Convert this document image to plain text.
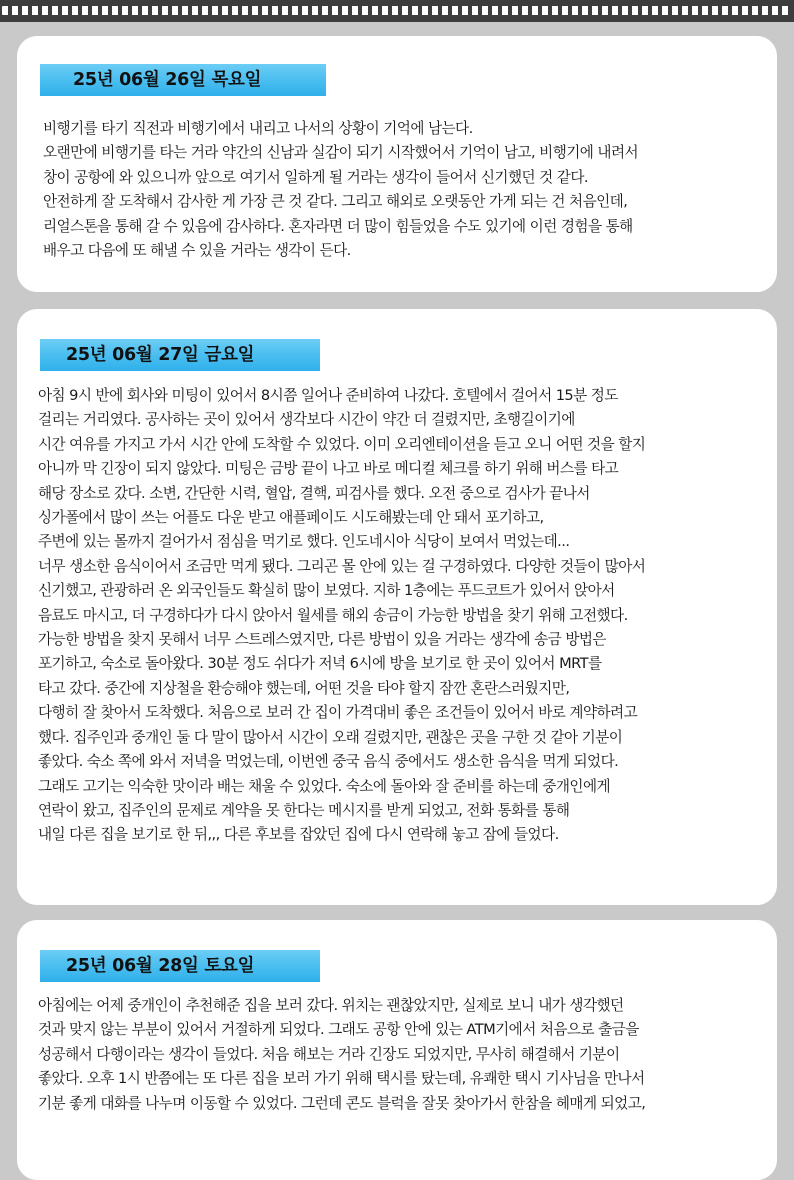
25년 06월 26일 목요일
비행기를 타기 직전과 비행기에서 내리고 나서의 상황이 기억에 남는다.
오랜만에 비행기를 타는 거라 약간의 신남과 실감이 되기 시작했어서 기억이 남고, 비행기에 내려서
창이 공항에 와 있으니까 앞으로 여기서 일하게 될 거라는 생각이 들어서 신기했던 것 같다.
안전하게 잘 도착해서 감사한 게 가장 큰 것 같다. 그리고 해외로 오랫동안 가게 되는 건 처음인데,
리얼스톤을 통해 갈 수 있음에 감사하다. 혼자라면 더 많이 힘들었을 수도 있기에 이런 경험을 통해
배우고 다음에 또 해낼 수 있을 거라는 생각이 든다.
25년 06월 27일 금요일
아침 9시 반에 회사와 미팅이 있어서 8시쯤 일어나 준비하여 나갔다. 호텔에서 걸어서 15분 정도
걸리는 거리였다. 공사하는 곳이 있어서 생각보다 시간이 약간 더 걸렸지만, 초행길이기에
시간 여유를 가지고 가서 시간 안에 도착할 수 있었다. 이미 오리엔테이션을 듣고 오니 어떤 것을 할지
아니까 막 긴장이 되지 않았다. 미팅은 금방 끝이 나고 바로 메디컬 체크를 하기 위해 버스를 타고
해당 장소로 갔다. 소변, 간단한 시력, 혈압, 결핵, 피검사를 했다. 오전 중으로 검사가 끝나서
싱가폴에서 많이 쓰는 어플도 다운 받고 애플페이도 시도해봤는데 안 돼서 포기하고,
주변에 있는 몰까지 걸어가서 점심을 먹기로 했다. 인도네시아 식당이 보여서 먹었는데...
너무 생소한 음식이어서 조금만 먹게 됐다. 그리곤 몰 안에 있는 걸 구경하였다. 다양한 것들이 많아서
신기했고, 관광하러 온 외국인들도 확실히 많이 보였다. 지하 1층에는 푸드코트가 있어서 앉아서
음료도 마시고, 더 구경하다가 다시 앉아서 월세를 해외 송금이 가능한 방법을 찾기 위해 고전했다.
가능한 방법을 찾지 못해서 너무 스트레스였지만, 다른 방법이 있을 거라는 생각에 송금 방법은
포기하고, 숙소로 돌아왔다. 30분 정도 쉬다가 저녁 6시에 방을 보기로 한 곳이 있어서 MRT를
타고 갔다. 중간에 지상철을 환승해야 했는데, 어떤 것을 타야 할지 잠깐 혼란스러웠지만,
다행히 잘 찾아서 도착했다. 처음으로 보러 간 집이 가격대비 좋은 조건들이 있어서 바로 계약하려고
했다. 집주인과 중개인 둘 다 말이 많아서 시간이 오래 걸렸지만, 괜찮은 곳을 구한 것 같아 기분이
좋았다. 숙소 쪽에 와서 저녁을 먹었는데, 이번엔 중국 음식 중에서도 생소한 음식을 먹게 되었다.
그래도 고기는 익숙한 맛이라 배는 채울 수 있었다. 숙소에 돌아와 잘 준비를 하는데 중개인에게
연락이 왔고, 집주인의 문제로 계약을 못 한다는 메시지를 받게 되었고, 전화 통화를 통해
내일 다른 집을 보기로 한 뒤,,, 다른 후보를 잡았던 집에 다시 연락해 놓고 잠에 들었다.
25년 06월 28일 토요일
아침에는 어제 중개인이 추천해준 집을 보러 갔다. 위치는 괜찮았지만, 실제로 보니 내가 생각했던
것과 맞지 않는 부분이 있어서 거절하게 되었다. 그래도 공항 안에 있는 ATM기에서 처음으로 출금을
성공해서 다행이라는 생각이 들었다. 처음 해보는 거라 긴장도 되었지만, 무사히 해결해서 기분이
좋았다. 오후 1시 반쯤에는 또 다른 집을 보러 가기 위해 택시를 탔는데, 유쾌한 택시 기사님을 만나서
기분 좋게 대화를 나누며 이동할 수 있었다. 그런데 콘도 블럭을 잘못 찾아가서 한참을 헤매게 되었고,
